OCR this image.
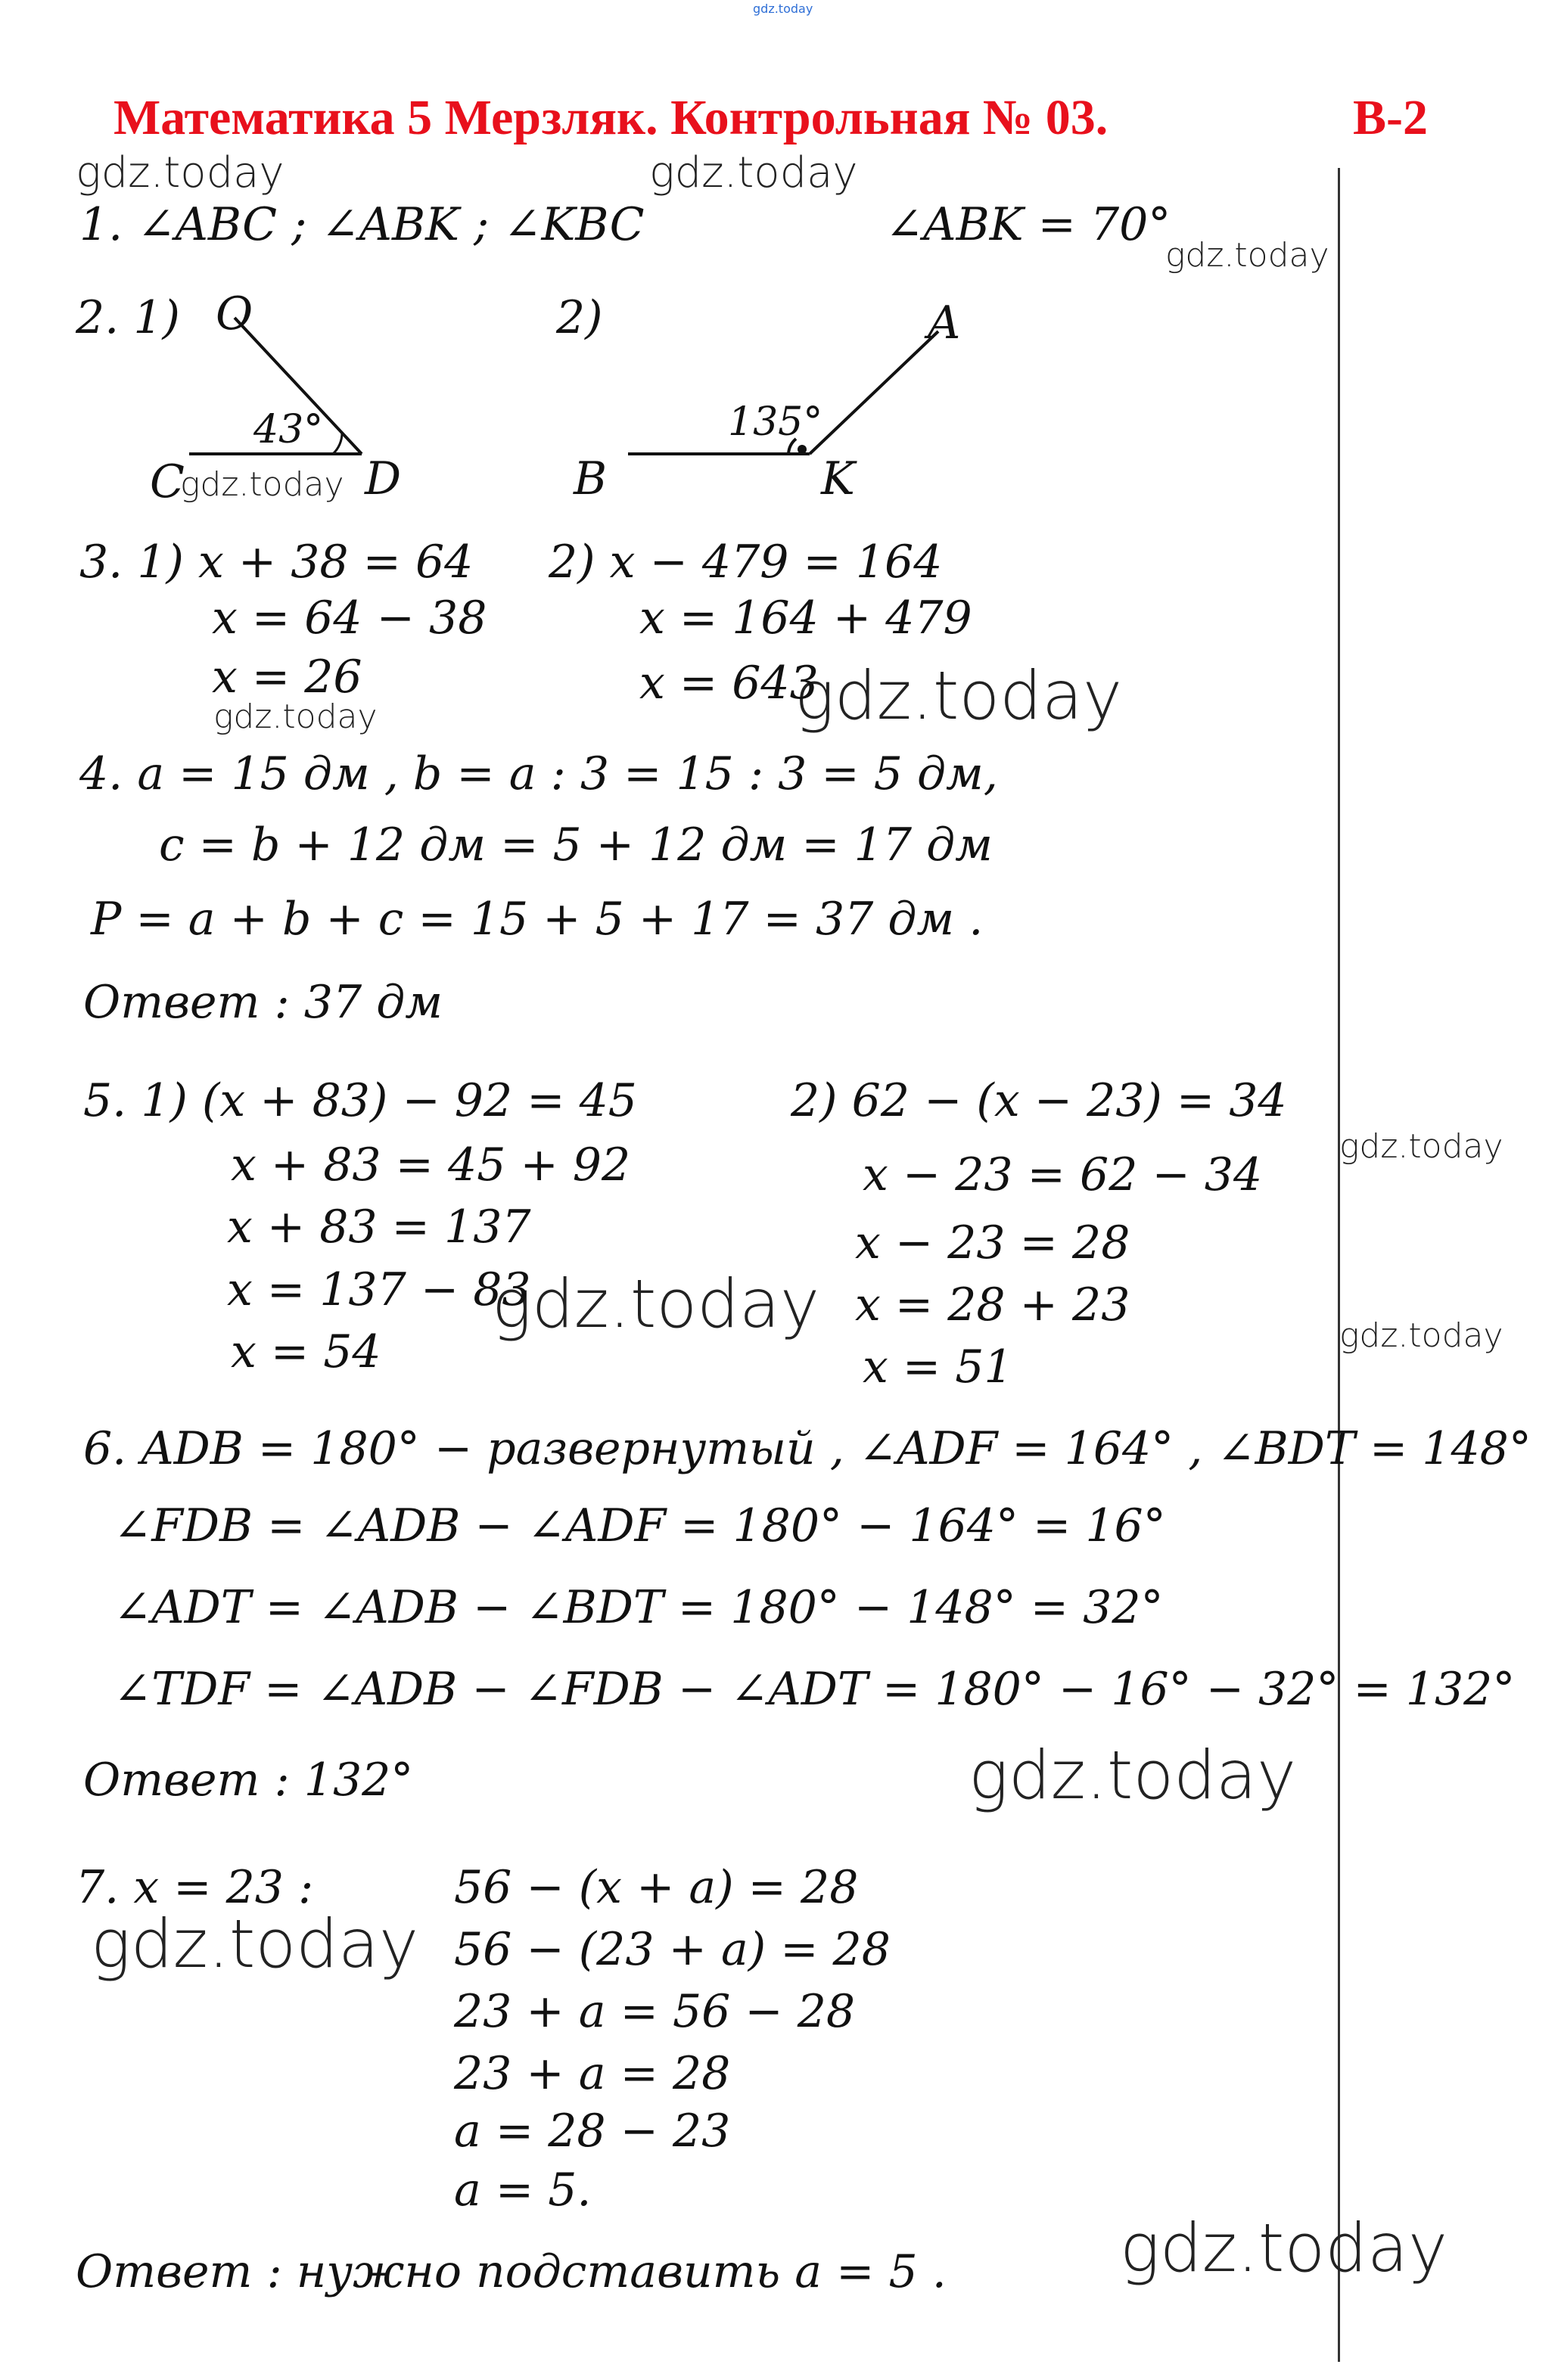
gdz.today
Математика 5 Мерзляк. Контрольная № 03.	В-2
gdz.today	gdz.today
gdz.today
gdz.today
gdz.today
gdz.today
gdz.today
gdz.today	gdz.today
gdz.today
gdz.today
gdz.today
1. ∠ABC ; ∠ABK ; ∠KBC	∠ABK = 70°
2. 1)	2)
O
C	D
43°
A
B	K
135°
3. 1) x + 38 = 64
x = 64 − 38
x = 26
2) x − 479 = 164
x = 164 + 479
x = 643
4. a = 15 дм , b = a : 3 = 15 : 3 = 5 дм,
c = b + 12 дм = 5 + 12 дм = 17 дм
P = a + b + c = 15 + 5 + 17 = 37 дм .
Ответ : 37 дм
5. 1) (x + 83) − 92 = 45
x + 83 = 45 + 92
x + 83 = 137
x = 137 − 83
x = 54
2) 62 − (x − 23) = 34
x − 23 = 62 − 34
x − 23 = 28
x = 28 + 23
x = 51
6. ADB = 180° − развернутый , ∠ADF = 164° , ∠BDT = 148°
∠FDB = ∠ADB − ∠ADF = 180° − 164° = 16°
∠ADT = ∠ADB − ∠BDT = 180° − 148° = 32°
∠TDF = ∠ADB − ∠FDB − ∠ADT = 180° − 16° − 32° = 132°
Ответ : 132°
7. x = 23 :	56 − (x + a) = 28
56 − (23 + a) = 28
23 + a = 56 − 28
23 + a = 28
a = 28 − 23
a = 5.
Ответ : нужно подставить a = 5 .
